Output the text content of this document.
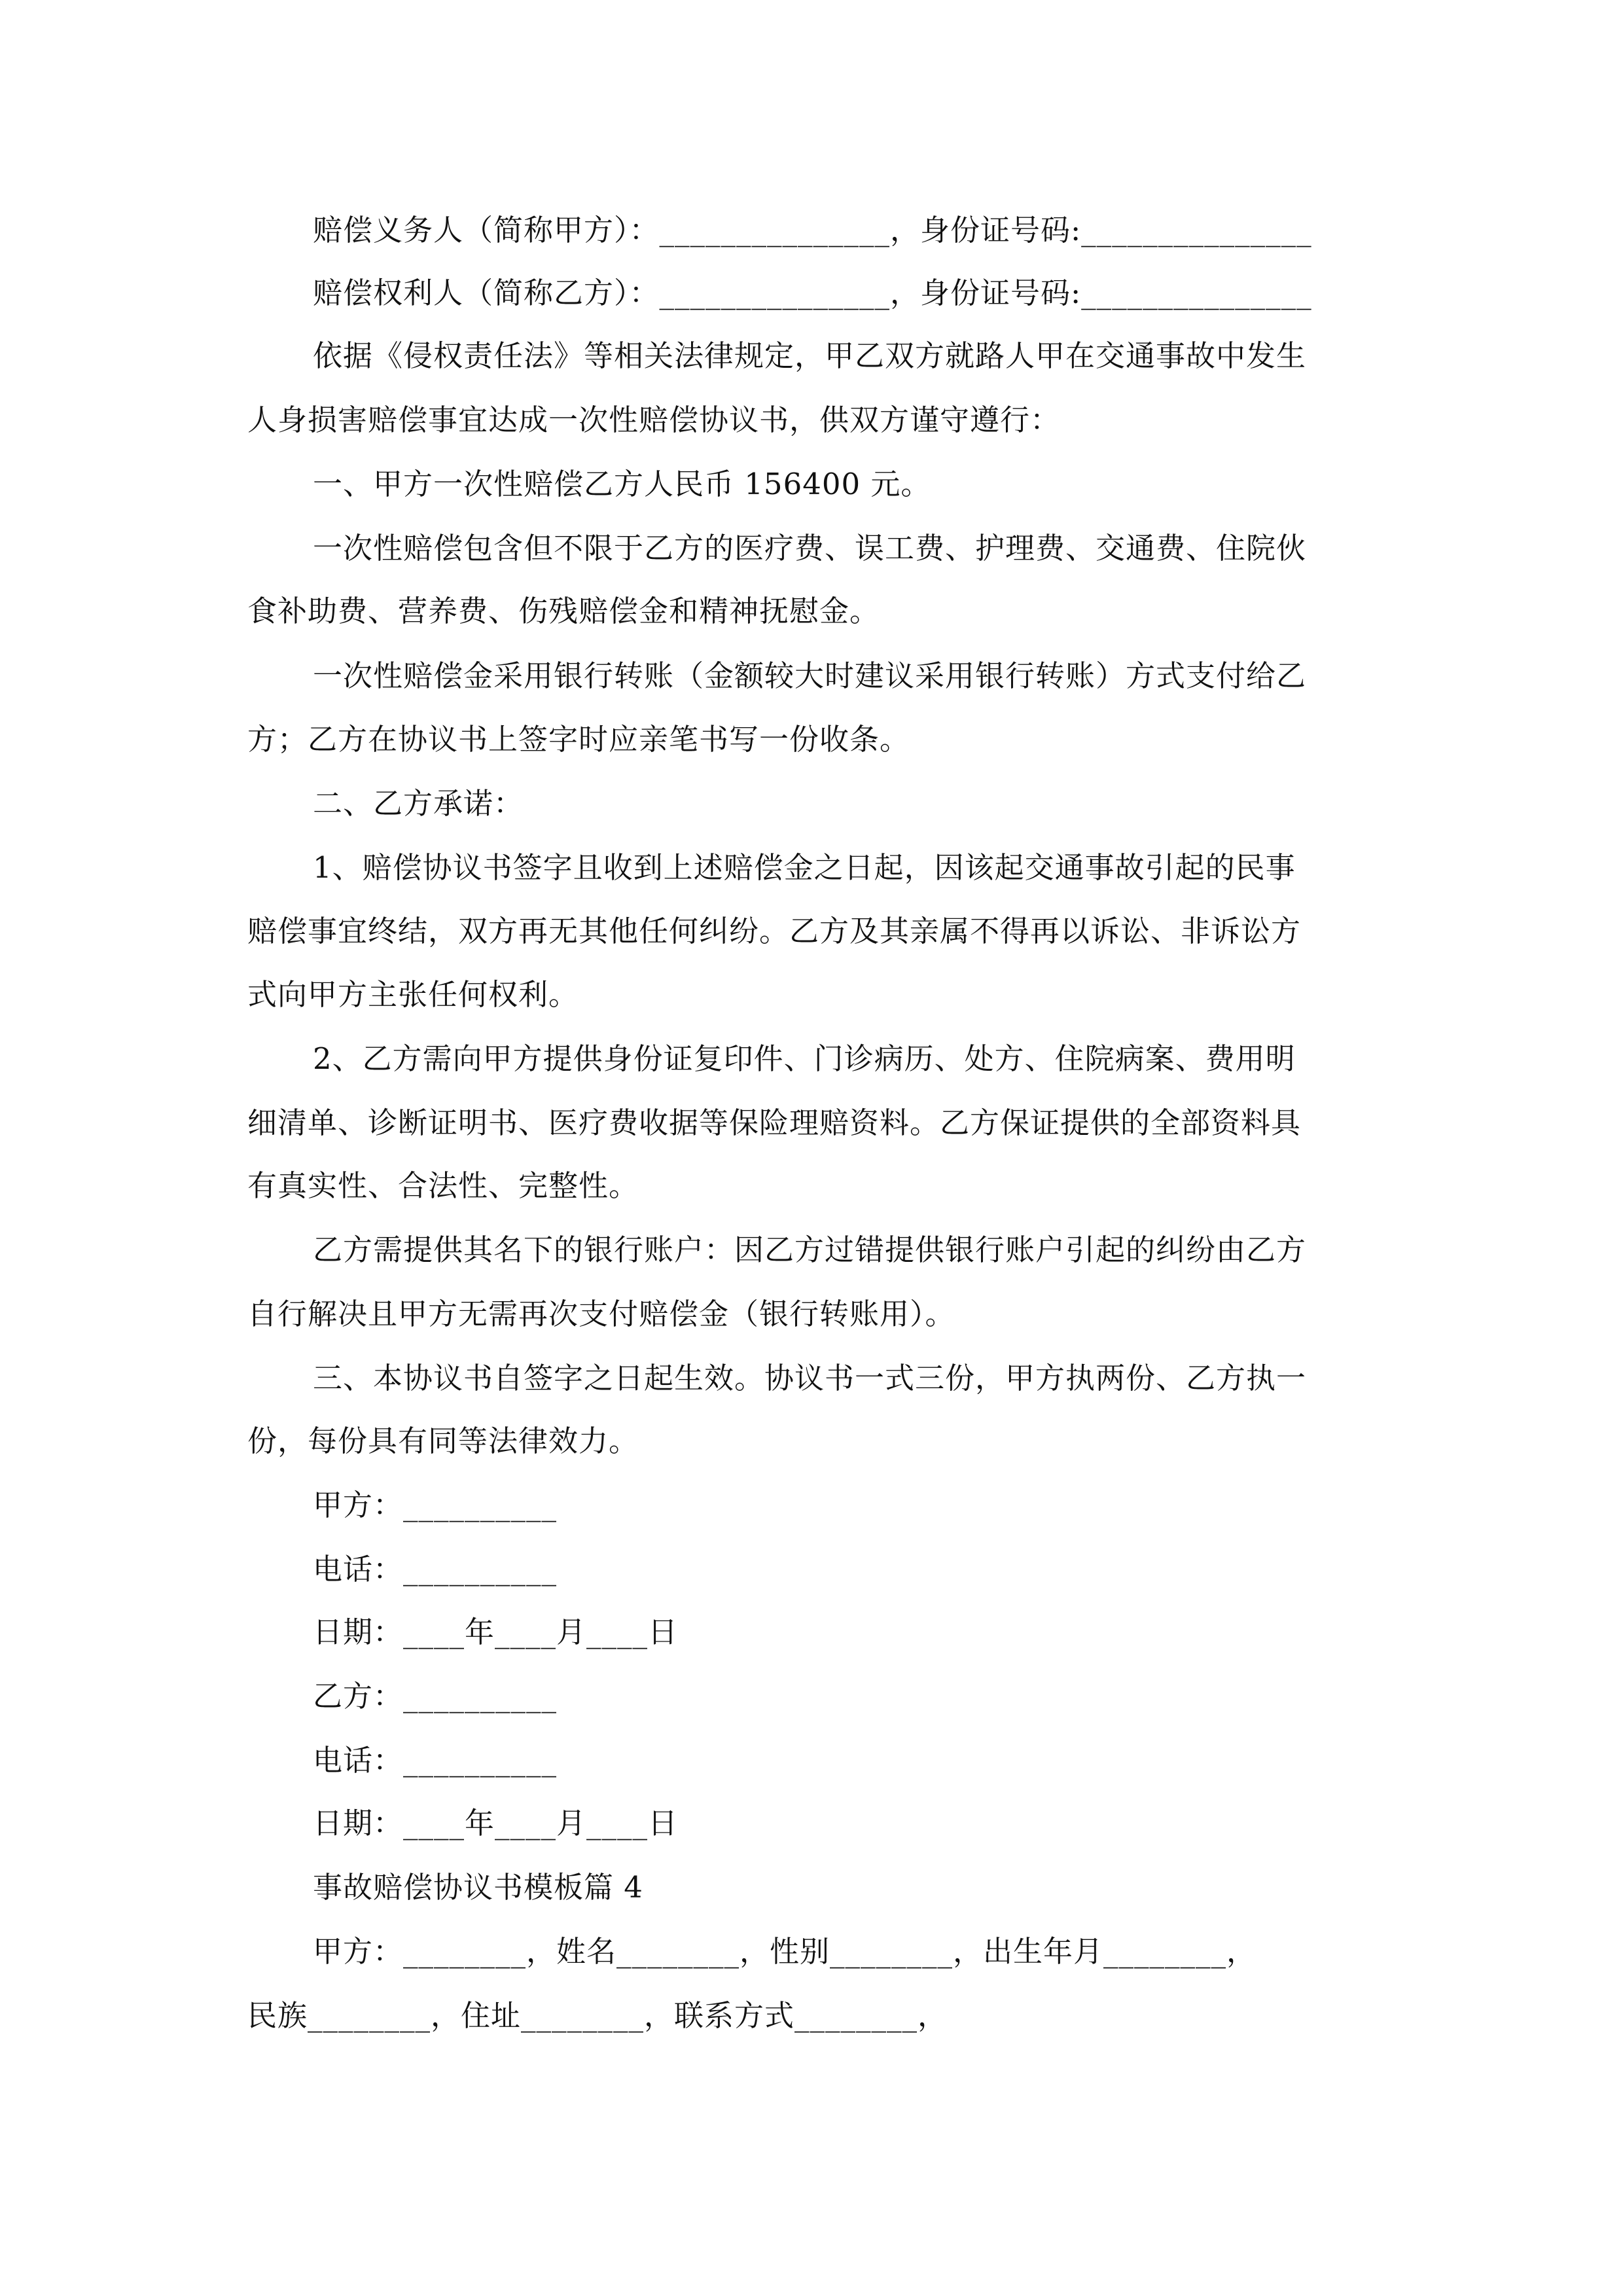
赔偿义务人（简称甲方）：_______________，身份证号码:_______________
赔偿权利人（简称乙方）：_______________，身份证号码:_______________
依据《侵权责任法》等相关法律规定，甲乙双方就路人甲在交通事故中发生
人身损害赔偿事宜达成一次性赔偿协议书，供双方谨守遵行：
一、甲方一次性赔偿乙方人民币 156400 元。
一次性赔偿包含但不限于乙方的医疗费、误工费、护理费、交通费、住院伙
食补助费、营养费、伤残赔偿金和精神抚慰金。
一次性赔偿金采用银行转账（金额较大时建议采用银行转账）方式支付给乙
方；乙方在协议书上签字时应亲笔书写一份收条。
二、乙方承诺：
1、赔偿协议书签字且收到上述赔偿金之日起，因该起交通事故引起的民事
赔偿事宜终结，双方再无其他任何纠纷。乙方及其亲属不得再以诉讼、非诉讼方
式向甲方主张任何权利。
2、乙方需向甲方提供身份证复印件、门诊病历、处方、住院病案、费用明
细清单、诊断证明书、医疗费收据等保险理赔资料。乙方保证提供的全部资料具
有真实性、合法性、完整性。
乙方需提供其名下的银行账户：因乙方过错提供银行账户引起的纠纷由乙方
自行解决且甲方无需再次支付赔偿金（银行转账用）。
三、本协议书自签字之日起生效。协议书一式三份，甲方执两份、乙方执一
份，每份具有同等法律效力。
甲方：__________
电话：__________
日期：____年____月____日
乙方：__________
电话：__________
日期：____年____月____日
事故赔偿协议书模板篇 4
甲方：________，姓名________，性别________，出生年月________，
民族________，住址________，联系方式________，
